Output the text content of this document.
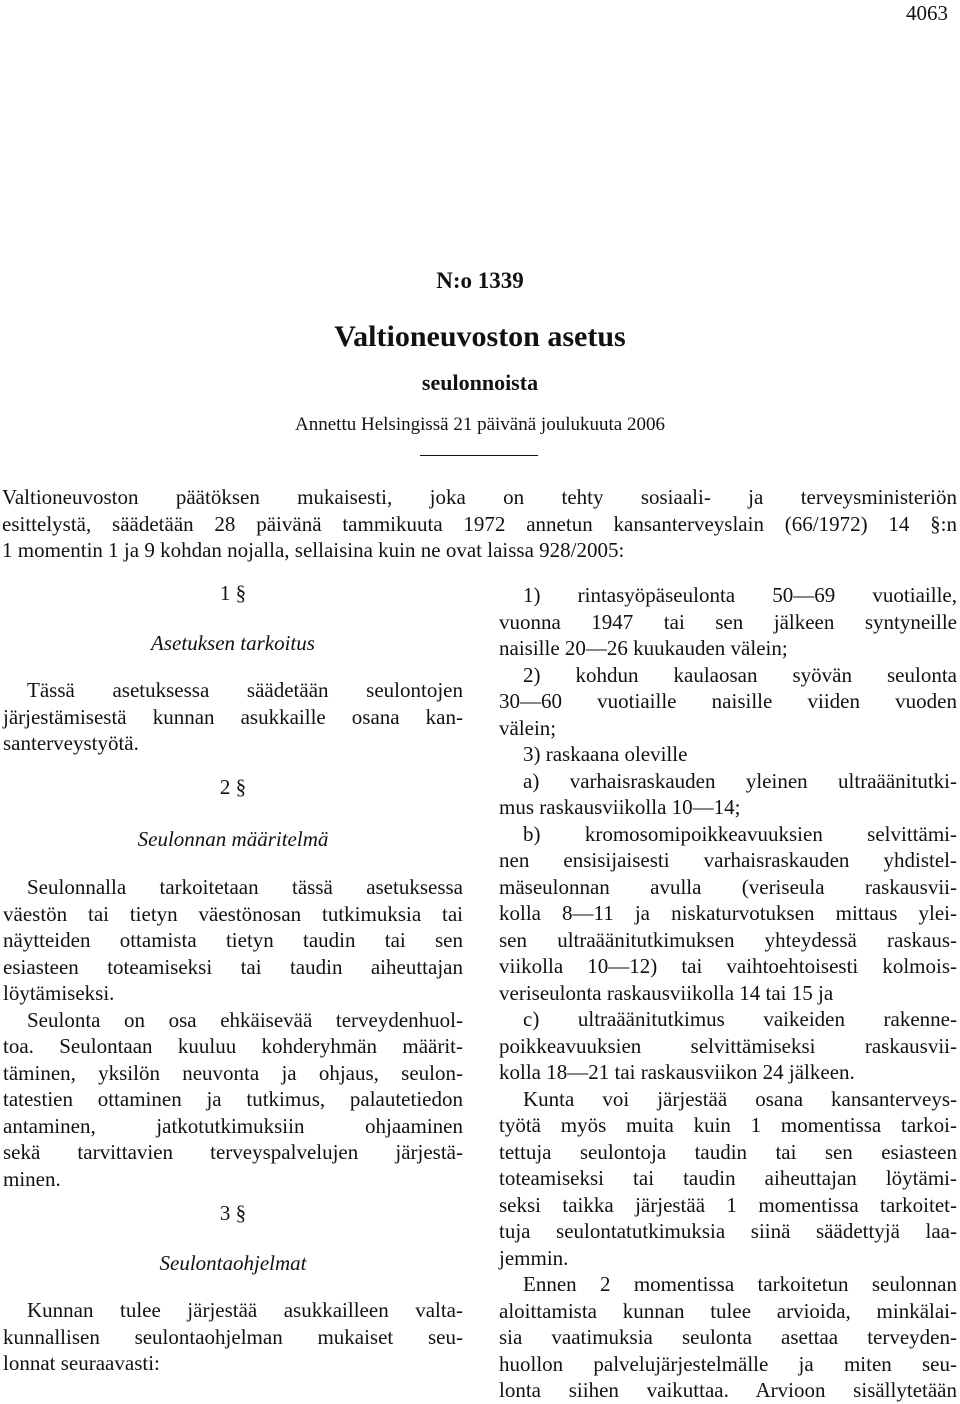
4063
N:o 1339
Valtioneuvoston asetus
seulonnoista
Annettu Helsingissä 21 päivänä joulukuuta 2006
Valtioneuvoston päätöksen mukaisesti, joka on tehty sosiaali- ja terveysministeriön
esittelystä, säädetään 28 päivänä tammikuuta 1972 annetun kansanterveyslain (66/1972) 14 §:n
1 momentin 1 ja 9 kohdan nojalla, sellaisina kuin ne ovat laissa 928/2005:
1 §
Asetuksen tarkoitus
Tässä asetuksessa säädetään seulontojen
järjestämisestä kunnan asukkaille osana kan-
santerveystyötä.
2 §
Seulonnan määritelmä
Seulonnalla tarkoitetaan tässä asetuksessa
väestön tai tietyn väestönosan tutkimuksia tai
näytteiden ottamista tietyn taudin tai sen
esiasteen toteamiseksi tai taudin aiheuttajan
löytämiseksi.
Seulonta on osa ehkäisevää terveydenhuol-
toa. Seulontaan kuuluu kohderyhmän määrit-
täminen, yksilön neuvonta ja ohjaus, seulon-
tatestien ottaminen ja tutkimus, palautetiedon
antaminen, jatkotutkimuksiin ohjaaminen
sekä tarvittavien terveyspalvelujen järjestä-
minen.
3 §
Seulontaohjelmat
Kunnan tulee järjestää asukkailleen valta-
kunnallisen seulontaohjelman mukaiset seu-
lonnat seuraavasti:
1) rintasyöpäseulonta 50—69 vuotiaille,
vuonna 1947 tai sen jälkeen syntyneille
naisille 20—26 kuukauden välein;
2) kohdun kaulaosan syövän seulonta
30—60 vuotiaille naisille viiden vuoden
välein;
3) raskaana oleville
a) varhaisraskauden yleinen ultraäänitutki-
mus raskausviikolla 10—14;
b) kromosomipoikkeavuuksien selvittämi-
nen ensisijaisesti varhaisraskauden yhdistel-
mäseulonnan avulla (veriseula raskausvii-
kolla 8—11 ja niskaturvotuksen mittaus ylei-
sen ultraäänitutkimuksen yhteydessä raskaus-
viikolla 10—12) tai vaihtoehtoisesti kolmois-
veriseulonta raskausviikolla 14 tai 15 ja
c) ultraäänitutkimus vaikeiden rakenne-
poikkeavuuksien selvittämiseksi raskausvii-
kolla 18—21 tai raskausviikon 24 jälkeen.
Kunta voi järjestää osana kansanterveys-
työtä myös muita kuin 1 momentissa tarkoi-
tettuja seulontoja taudin tai sen esiasteen
toteamiseksi tai taudin aiheuttajan löytämi-
seksi taikka järjestää 1 momentissa tarkoitet-
tuja seulontatutkimuksia siinä säädettyjä laa-
jemmin.
Ennen 2 momentissa tarkoitetun seulonnan
aloittamista kunnan tulee arvioida, minkälai-
sia vaatimuksia seulonta asettaa terveyden-
huollon palvelujärjestelmälle ja miten seu-
lonta siihen vaikuttaa. Arvioon sisällytetään
